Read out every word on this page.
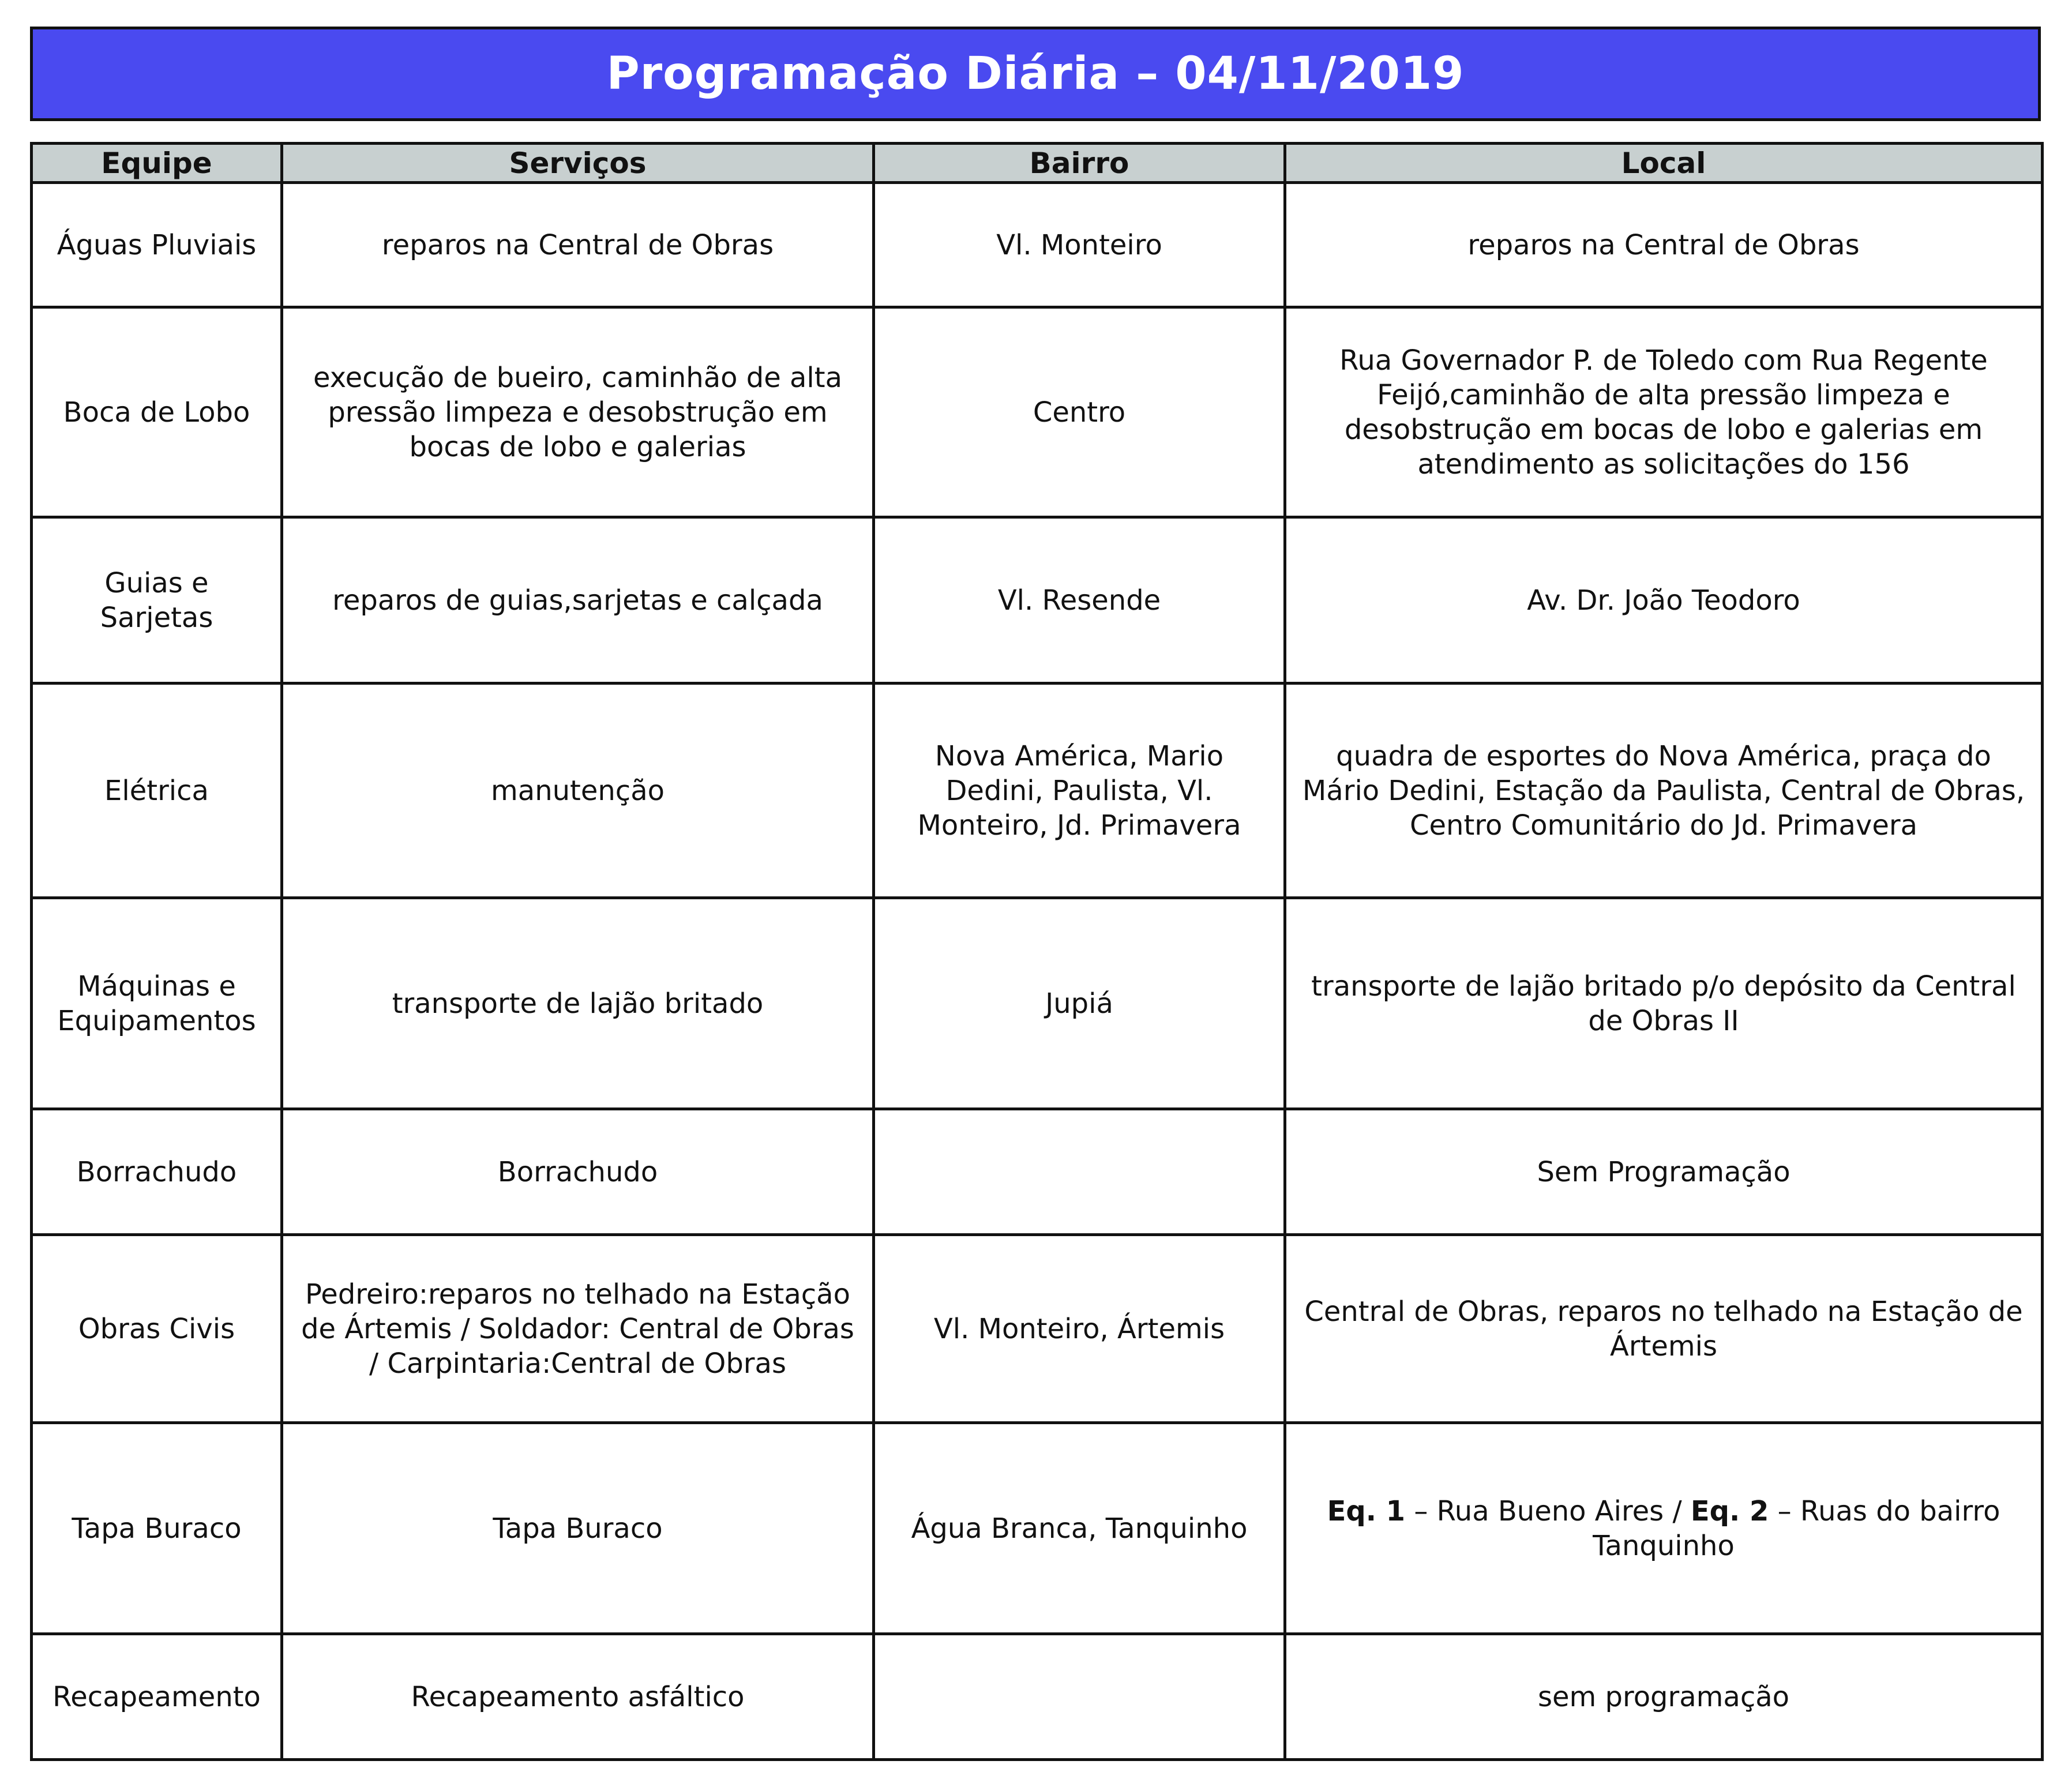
Programação Diária – 04/11/2019
Equipe	Serviços	Bairro	Local
Águas Pluviais	reparos na Central de Obras	Vl. Monteiro	reparos na Central de Obras
Boca de Lobo	execução de bueiro, caminhão de alta pressão limpeza e desobstrução em bocas de lobo e galerias	Centro	Rua Governador P. de Toledo com Rua Regente Feijó,caminhão de alta pressão limpeza e desobstrução em bocas de lobo e galerias em atendimento as solicitações do 156
Guias e Sarjetas	reparos de guias,sarjetas e calçada	Vl. Resende	Av. Dr. João Teodoro
Elétrica	manutenção	Nova América, Mario Dedini, Paulista, Vl. Monteiro, Jd. Primavera	quadra de esportes do Nova América, praça do Mário Dedini, Estação da Paulista, Central de Obras, Centro Comunitário do Jd. Primavera
Máquinas e Equipamentos	transporte de lajão britado	Jupiá	transporte de lajão britado p/o depósito da Central de Obras II
Borrachudo	Borrachudo		Sem Programação
Obras Civis	Pedreiro:reparos no telhado na Estação de Ártemis / Soldador: Central de Obras / Carpintaria:Central de Obras	Vl. Monteiro, Ártemis	Central de Obras, reparos no telhado na Estação de Ártemis
Tapa Buraco	Tapa Buraco	Água Branca, Tanquinho	Eq. 1 – Rua Bueno Aires / Eq. 2 – Ruas do bairro Tanquinho
Recapeamento	Recapeamento asfáltico		sem programação
